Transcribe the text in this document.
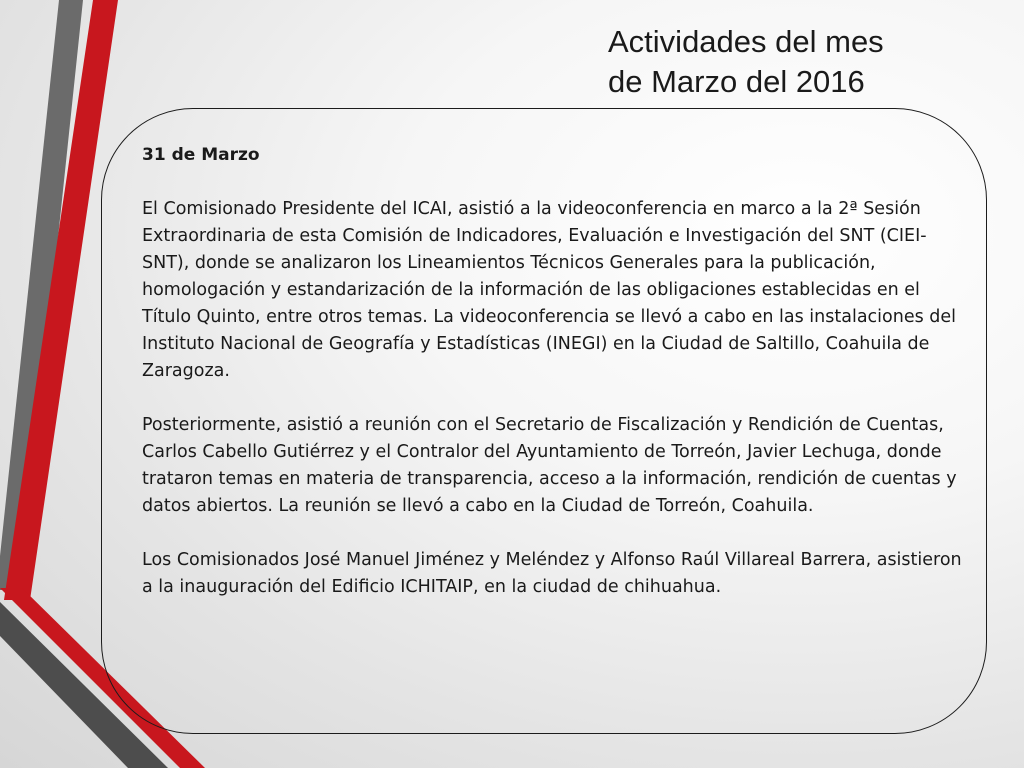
Actividades del mes
de Marzo del 2016

31 de Marzo

El Comisionado Presidente del ICAI, asistió a la videoconferencia en marco a la 2ª Sesión Extraordinaria de esta Comisión de Indicadores, Evaluación e Investigación del SNT (CIEI-SNT), donde se analizaron los Lineamientos Técnicos Generales para la publicación, homologación y estandarización de la información de las obligaciones establecidas en el Título Quinto, entre otros temas. La videoconferencia se llevó a cabo en las instalaciones del Instituto Nacional de Geografía y Estadísticas (INEGI) en la Ciudad de Saltillo, Coahuila de Zaragoza.

Posteriormente, asistió a reunión con el Secretario de Fiscalización y Rendición de Cuentas, Carlos Cabello Gutiérrez y el Contralor del Ayuntamiento de Torreón, Javier Lechuga, donde trataron temas en materia de transparencia, acceso a la información, rendición de cuentas y datos abiertos. La reunión se llevó a cabo en la Ciudad de Torreón, Coahuila.

Los Comisionados José Manuel Jiménez y Meléndez y Alfonso Raúl Villareal Barrera, asistieron a la inauguración del Edificio ICHITAIP, en la ciudad de chihuahua.
